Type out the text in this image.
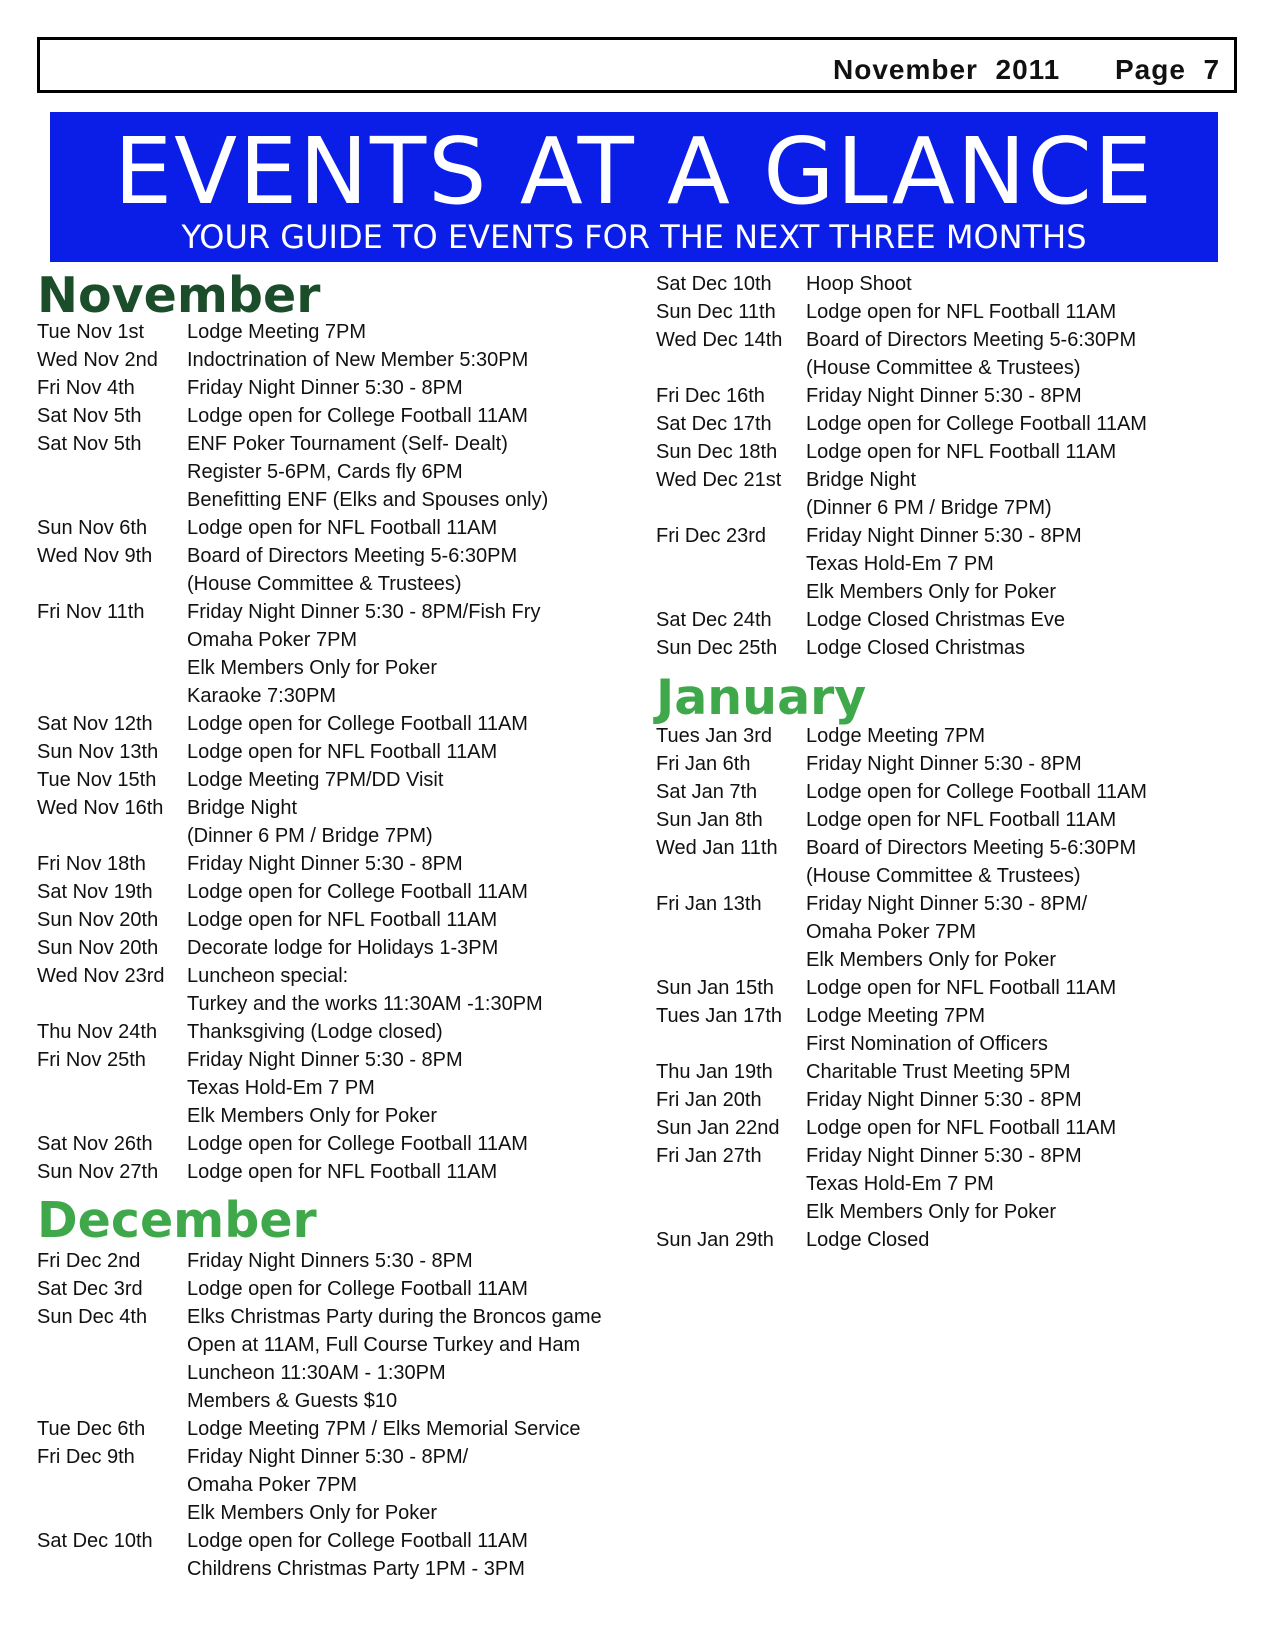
November  2011 Page  7
EVENTS AT A GLANCE
YOUR GUIDE TO EVENTS FOR THE NEXT THREE MONTHS
November
Tue Nov 1st	Lodge Meeting 7PM
Wed Nov 2nd	Indoctrination of New Member 5:30PM
Fri Nov 4th	Friday Night Dinner 5:30 - 8PM
Sat Nov 5th	Lodge open for College Football 11AM
Sat Nov 5th	ENF Poker Tournament (Self- Dealt)
Register 5-6PM, Cards fly 6PM
Benefitting ENF (Elks and Spouses only)
Sun Nov 6th	Lodge open for NFL Football 11AM
Wed Nov 9th	Board of Directors Meeting 5-6:30PM
(House Committee & Trustees)
Fri Nov 11th	Friday Night Dinner 5:30 - 8PM/Fish Fry
Omaha Poker 7PM
Elk Members Only for Poker
Karaoke 7:30PM
Sat Nov 12th	Lodge open for College Football 11AM
Sun Nov 13th	Lodge open for NFL Football 11AM
Tue Nov 15th	Lodge Meeting 7PM/DD Visit
Wed Nov 16th	Bridge Night
(Dinner 6 PM / Bridge 7PM)
Fri Nov 18th	Friday Night Dinner 5:30 - 8PM
Sat Nov 19th	Lodge open for College Football 11AM
Sun Nov 20th	Lodge open for NFL Football 11AM
Sun Nov 20th	Decorate lodge for Holidays 1-3PM
Wed Nov 23rd	Luncheon special:
Turkey and the works 11:30AM -1:30PM
Thu Nov 24th	Thanksgiving (Lodge closed)
Fri Nov 25th	Friday Night Dinner 5:30 - 8PM
Texas Hold-Em 7 PM
Elk Members Only for Poker
Sat Nov 26th	Lodge open for College Football 11AM
Sun Nov 27th	Lodge open for NFL Football 11AM
December
Fri Dec 2nd	Friday Night Dinners 5:30 - 8PM
Sat Dec 3rd	Lodge open for College Football 11AM
Sun Dec 4th	Elks Christmas Party during the Broncos game
Open at 11AM, Full Course Turkey and Ham
Luncheon 11:30AM - 1:30PM
Members & Guests $10
Tue Dec 6th	Lodge Meeting 7PM / Elks Memorial Service
Fri Dec 9th	Friday Night Dinner 5:30 - 8PM/
Omaha Poker 7PM
Elk Members Only for Poker
Sat Dec 10th	Lodge open for College Football 11AM
Childrens Christmas Party 1PM - 3PM
Sat Dec 10th	Hoop Shoot
Sun Dec 11th	Lodge open for NFL Football 11AM
Wed Dec 14th	Board of Directors Meeting 5-6:30PM
(House Committee & Trustees)
Fri Dec 16th	Friday Night Dinner 5:30 - 8PM
Sat Dec 17th	Lodge open for College Football 11AM
Sun Dec 18th	Lodge open for NFL Football 11AM
Wed Dec 21st	Bridge Night
(Dinner 6 PM / Bridge 7PM)
Fri Dec 23rd	Friday Night Dinner 5:30 - 8PM
Texas Hold-Em 7 PM
Elk Members Only for Poker
Sat Dec 24th	Lodge Closed Christmas Eve
Sun Dec 25th	Lodge Closed Christmas
January
Tues Jan 3rd	Lodge Meeting 7PM
Fri Jan 6th	Friday Night Dinner 5:30 - 8PM
Sat Jan 7th	Lodge open for College Football 11AM
Sun Jan 8th	Lodge open for NFL Football 11AM
Wed Jan 11th	Board of Directors Meeting 5-6:30PM
(House Committee & Trustees)
Fri Jan 13th	Friday Night Dinner 5:30 - 8PM/
Omaha Poker 7PM
Elk Members Only for Poker
Sun Jan 15th	Lodge open for NFL Football 11AM
Tues Jan 17th	Lodge Meeting 7PM
First Nomination of Officers
Thu Jan 19th	Charitable Trust Meeting 5PM
Fri Jan 20th	Friday Night Dinner 5:30 - 8PM
Sun Jan 22nd	Lodge open for NFL Football 11AM
Fri Jan 27th	Friday Night Dinner 5:30 - 8PM
Texas Hold-Em 7 PM
Elk Members Only for Poker
Sun Jan 29th	Lodge Closed
